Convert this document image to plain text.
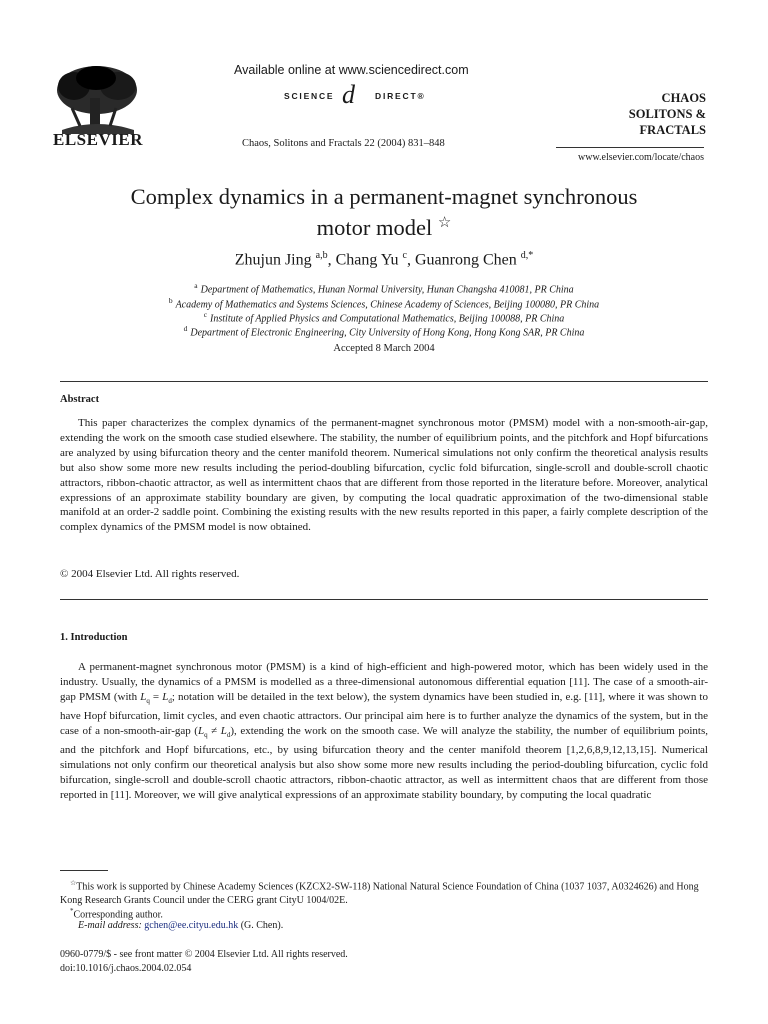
ELSEVIER
Available online at www.sciencedirect.com
SCIENCE d DIRECT®
Chaos, Solitons and Fractals 22 (2004) 831–848
CHAOS
SOLITONS & FRACTALS
www.elsevier.com/locate/chaos
Complex dynamics in a permanent-magnet synchronous
motor model ☆
Zhujun Jing $^{a,b}$, Chang Yu $^c$, Guanrong Chen $^{d,*}$
$^a$ Department of Mathematics, Hunan Normal University, Hunan Changsha 410081, PR China
$^b$ Academy of Mathematics and Systems Sciences, Chinese Academy of Sciences, Beijing 100080, PR China
$^c$ Institute of Applied Physics and Computational Mathematics, Beijing 100088, PR China
$^d$ Department of Electronic Engineering, City University of Hong Kong, Hong Kong SAR, PR China
Accepted 8 March 2004
Abstract
This paper characterizes the complex dynamics of the permanent-magnet synchronous motor (PMSM) model with a non-smooth-air-gap, extending the work on the smooth case studied elsewhere. The stability, the number of equilibrium points, and the pitchfork and Hopf bifurcations are analyzed by using bifurcation theory and the center manifold theorem. Numerical simulations not only confirm the theoretical analysis results but also show some more new results including the period-doubling bifurcation, cyclic fold bifurcation, single-scroll and double-scroll chaotic attractors, ribbon-chaotic attractor, as well as intermittent chaos that are different from those reported in the literature before. Moreover, analytical expressions of an approximate stability boundary are given, by computing the local quadratic approximation of the two-dimensional stable manifold at an order-2 saddle point. Combining the existing results with the new results reported in this paper, a fairly complete description of the complex dynamics of the PMSM model is now obtained.
© 2004 Elsevier Ltd. All rights reserved.
1. Introduction
A permanent-magnet synchronous motor (PMSM) is a kind of high-efficient and high-powered motor, which has been widely used in the industry. Usually, the dynamics of a PMSM is modelled as a three-dimensional autonomous differential equation [11]. The case of a smooth-air-gap PMSM (with $L_q = L_d$; notation will be detailed in the text below), the system dynamics have been studied in, e.g. [11], where it was shown to have Hopf bifurcation, limit cycles, and even chaotic attractors. Our principal aim here is to further analyze the dynamics of the system, but in the case of a non-smooth-air-gap $(L_q \ne L_d)$, extending the work on the smooth case. We will analyze the stability, the number of equilibrium points, and the pitchfork and Hopf bifurcations, etc., by using bifurcation theory and the center manifold theorem [1,2,6,8,9,12,13,15]. Numerical simulations not only confirm our theoretical analysis but also show some more new results including the period-doubling bifurcation, cyclic fold bifurcation, single-scroll and double-scroll chaotic attractors, ribbon-chaotic attractor, as well as intermittent chaos that are different from those reported in [11]. Moreover, we will give analytical expressions of an approximate stability boundary, by computing the local quadratic
☆This work is supported by Chinese Academy Sciences (KZCX2-SW-118) National Natural Science Foundation of China (1037 1037, A0324626) and Hong Kong Research Grants Council under the CERG grant CityU 1004/02E.
*Corresponding author.
E-mail address: gchen@ee.cityu.edu.hk (G. Chen).
0960-0779/$ - see front matter © 2004 Elsevier Ltd. All rights reserved.
doi:10.1016/j.chaos.2004.02.054
